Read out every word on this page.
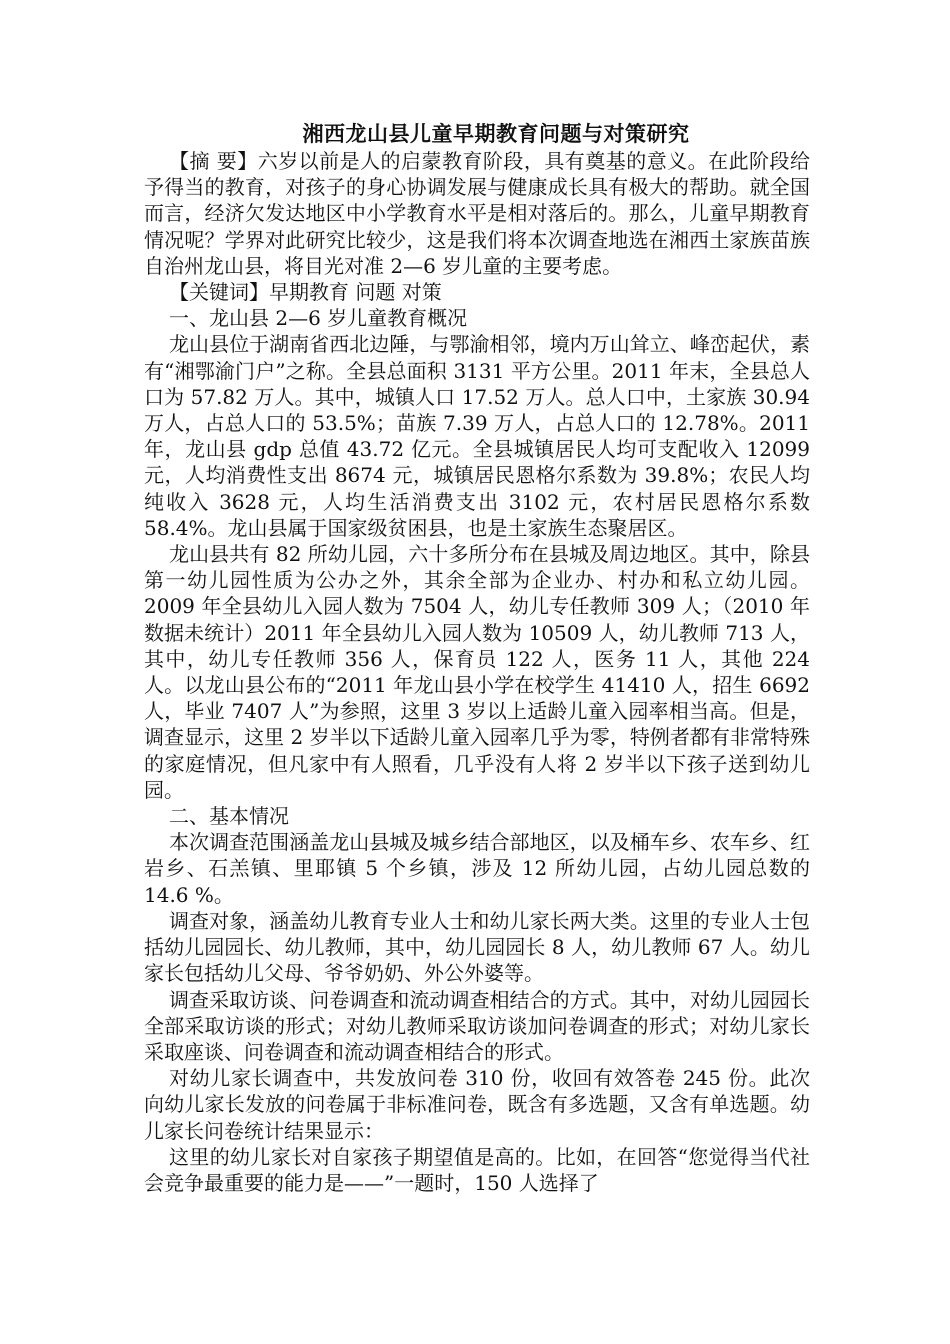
湘西龙山县儿童早期教育问题与对策研究

【摘 要】六岁以前是人的启蒙教育阶段，具有奠基的意义。在此阶段给予得当的教育，对孩子的身心协调发展与健康成长具有极大的帮助。就全国而言，经济欠发达地区中小学教育水平是相对落后的。那么，儿童早期教育情况呢？学界对此研究比较少，这是我们将本次调查地选在湘西土家族苗族自治州龙山县，将目光对准 2—6 岁儿童的主要考虑。

【关键词】早期教育 问题 对策

一、龙山县 2—6 岁儿童教育概况

龙山县位于湖南省西北边陲，与鄂渝相邻，境内万山耸立、峰峦起伏，素有“湘鄂渝门户”之称。全县总面积 3131 平方公里。2011 年末，全县总人口为 57.82 万人。其中，城镇人口 17.52 万人。总人口中，土家族 30.94 万人，占总人口的 53.5%；苗族 7.39 万人，占总人口的 12.78%。2011 年，龙山县 gdp 总值 43.72 亿元。全县城镇居民人均可支配收入 12099 元，人均消费性支出 8674 元，城镇居民恩格尔系数为 39.8%；农民人均纯收入 3628 元，人均生活消费支出 3102 元，农村居民恩格尔系数 58.4%。龙山县属于国家级贫困县，也是土家族生态聚居区。

龙山县共有 82 所幼儿园，六十多所分布在县城及周边地区。其中，除县第一幼儿园性质为公办之外，其余全部为企业办、村办和私立幼儿园。2009 年全县幼儿入园人数为 7504 人，幼儿专任教师 309 人；（2010 年数据未统计）2011 年全县幼儿入园人数为 10509 人，幼儿教师 713 人，其中，幼儿专任教师 356 人，保育员 122 人，医务 11 人，其他 224 人。以龙山县公布的“2011 年龙山县小学在校学生 41410 人，招生 6692 人，毕业 7407 人”为参照，这里 3 岁以上适龄儿童入园率相当高。但是，调查显示，这里 2 岁半以下适龄儿童入园率几乎为零，特例者都有非常特殊的家庭情况，但凡家中有人照看，几乎没有人将 2 岁半以下孩子送到幼儿园。

二、基本情况

本次调查范围涵盖龙山县城及城乡结合部地区，以及桶车乡、农车乡、红岩乡、石羔镇、里耶镇 5 个乡镇，涉及 12 所幼儿园，占幼儿园总数的 14.6 %。

调查对象，涵盖幼儿教育专业人士和幼儿家长两大类。这里的专业人士包括幼儿园园长、幼儿教师，其中，幼儿园园长 8 人，幼儿教师 67 人。幼儿家长包括幼儿父母、爷爷奶奶、外公外婆等。

调查采取访谈、问卷调查和流动调查相结合的方式。其中，对幼儿园园长全部采取访谈的形式；对幼儿教师采取访谈加问卷调查的形式；对幼儿家长采取座谈、问卷调查和流动调查相结合的形式。

对幼儿家长调查中，共发放问卷 310 份，收回有效答卷 245 份。此次向幼儿家长发放的问卷属于非标准问卷，既含有多选题，又含有单选题。幼儿家长问卷统计结果显示：

这里的幼儿家长对自家孩子期望值是高的。比如，在回答“您觉得当代社会竞争最重要的能力是——”一题时，150 人选择了
